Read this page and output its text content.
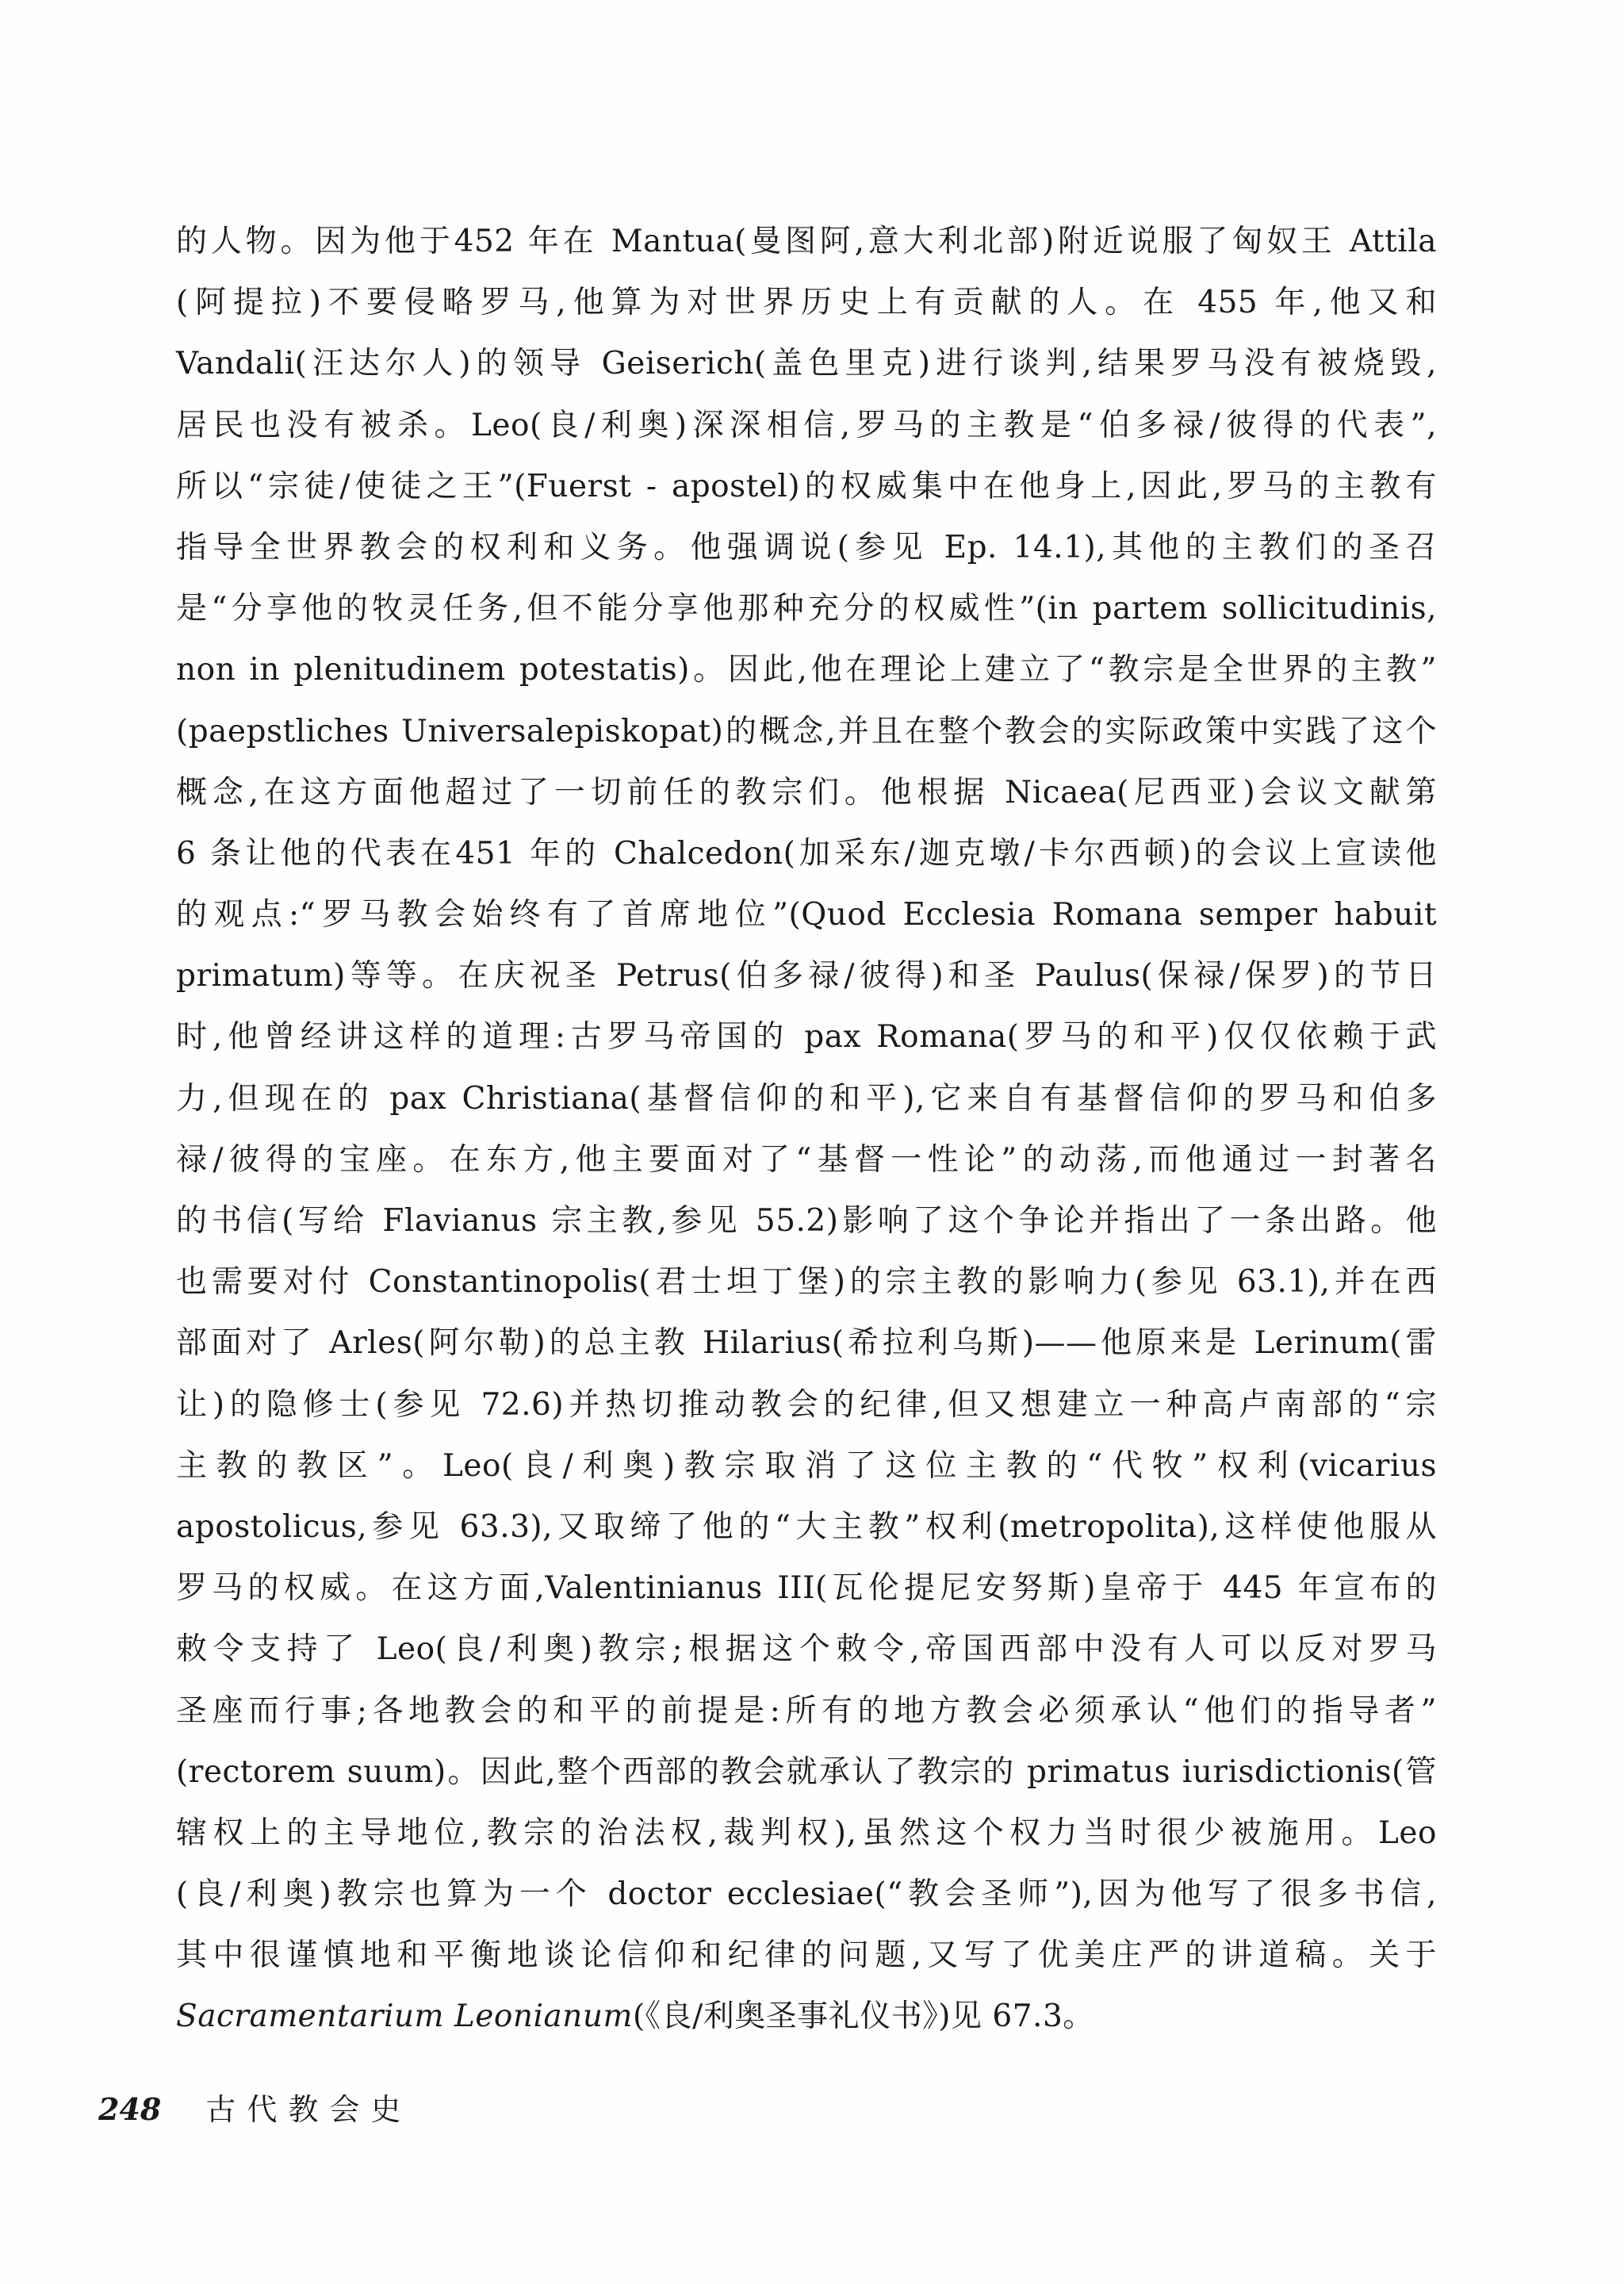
的人物。因为他于452 年在 Mantua(曼图阿,意大利北部)附近说服了匈奴王 Attila
(阿提拉)不要侵略罗马,他算为对世界历史上有贡献的人。在 455 年,他又和
Vandali(汪达尔人)的领导 Geiserich(盖色里克)进行谈判,结果罗马没有被烧毁,
居民也没有被杀。Leo(良/利奥)深深相信,罗马的主教是“伯多禄/彼得的代表”,
所以“宗徒/使徒之王”(Fuerst - apostel)的权威集中在他身上,因此,罗马的主教有
指导全世界教会的权利和义务。他强调说(参见 Ep. 14.1),其他的主教们的圣召
是“分享他的牧灵任务,但不能分享他那种充分的权威性”(in partem sollicitudinis,
non in plenitudinem potestatis)。因此,他在理论上建立了“教宗是全世界的主教”
(paepstliches Universalepiskopat)的概念,并且在整个教会的实际政策中实践了这个
概念,在这方面他超过了一切前任的教宗们。他根据 Nicaea(尼西亚)会议文献第
6 条让他的代表在451 年的 Chalcedon(加采东/迦克墩/卡尔西顿)的会议上宣读他
的观点:“罗马教会始终有了首席地位”(Quod Ecclesia Romana semper habuit
primatum)等等。在庆祝圣 Petrus(伯多禄/彼得)和圣 Paulus(保禄/保罗)的节日
时,他曾经讲这样的道理:古罗马帝国的 pax Romana(罗马的和平)仅仅依赖于武
力,但现在的 pax Christiana(基督信仰的和平),它来自有基督信仰的罗马和伯多
禄/彼得的宝座。在东方,他主要面对了“基督一性论”的动荡,而他通过一封著名
的书信(写给 Flavianus 宗主教,参见 55.2)影响了这个争论并指出了一条出路。他
也需要对付 Constantinopolis(君士坦丁堡)的宗主教的影响力(参见 63.1),并在西
部面对了 Arles(阿尔勒)的总主教 Hilarius(希拉利乌斯)——他原来是 Lerinum(雷
让)的隐修士(参见 72.6)并热切推动教会的纪律,但又想建立一种高卢南部的“宗
主教的教区”。Leo(良/利奥)教宗取消了这位主教的“代牧”权利(vicarius
apostolicus,参见 63.3),又取缔了他的“大主教”权利(metropolita),这样使他服从
罗马的权威。在这方面,Valentinianus III(瓦伦提尼安努斯)皇帝于 445 年宣布的
敕令支持了 Leo(良/利奥)教宗;根据这个敕令,帝国西部中没有人可以反对罗马
圣座而行事;各地教会的和平的前提是:所有的地方教会必须承认“他们的指导者”
(rectorem suum)。因此,整个西部的教会就承认了教宗的 primatus iurisdictionis(管
辖权上的主导地位,教宗的治法权,裁判权),虽然这个权力当时很少被施用。Leo
(良/利奥)教宗也算为一个 doctor ecclesiae(“教会圣师”),因为他写了很多书信,
其中很谨慎地和平衡地谈论信仰和纪律的问题,又写了优美庄严的讲道稿。关于
Sacramentarium Leonianum(《良/利奥圣事礼仪书》)见 67.3。
248 古代教会史
